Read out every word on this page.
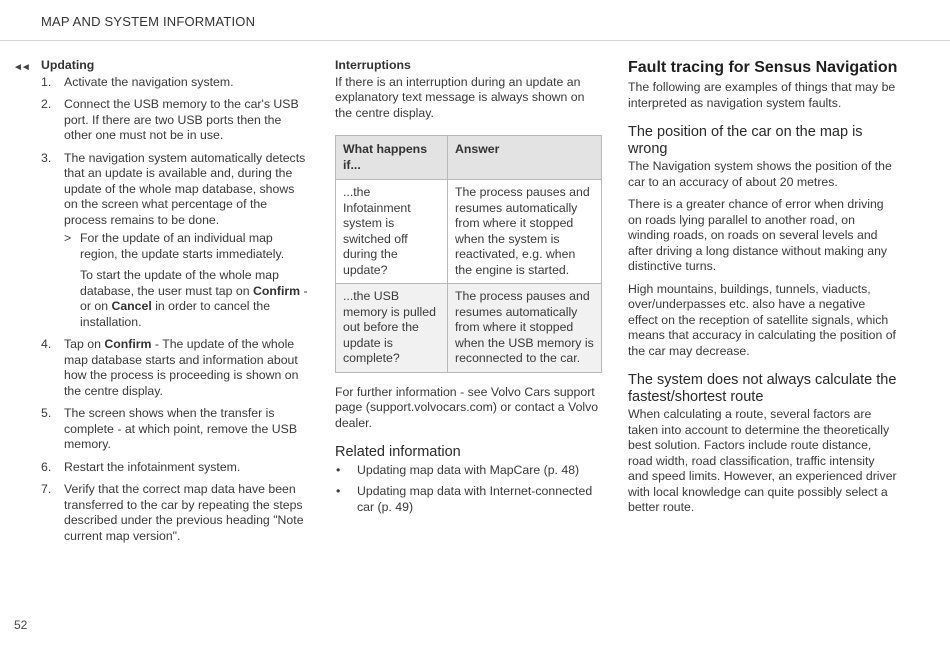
MAP AND SYSTEM INFORMATION
◄◄ Updating
1. Activate the navigation system.
2. Connect the USB memory to the car's USB port. If there are two USB ports then the other one must not be in use.
3. The navigation system automatically detects that an update is available and, during the update of the whole map database, shows on the screen what percentage of the process remains to be done.
> For the update of an individual map region, the update starts immediately.
To start the update of the whole map database, the user must tap on Confirm - or on Cancel in order to cancel the installation.
4. Tap on Confirm - The update of the whole map database starts and information about how the process is proceeding is shown on the centre display.
5. The screen shows when the transfer is complete - at which point, remove the USB memory.
6. Restart the infotainment system.
7. Verify that the correct map data have been transferred to the car by repeating the steps described under the previous heading "Note current map version".
Interruptions

If there is an interruption during an update an explanatory text message is always shown on the centre display.

What happens if...	Answer
...the Infotainment system is switched off during the update?	The process pauses and resumes automatically from where it stopped when the system is reactivated, e.g. when the engine is started.
...the USB memory is pulled out before the update is complete?	The process pauses and resumes automatically from where it stopped when the USB memory is reconnected to the car.

For further information - see Volvo Cars support page (support.volvocars.com) or contact a Volvo dealer.

Related information
• Updating map data with MapCare (p. 48)
• Updating map data with Internet-connected car (p. 49)
Fault tracing for Sensus Navigation

The following are examples of things that may be interpreted as navigation system faults.

The position of the car on the map is wrong

The Navigation system shows the position of the car to an accuracy of about 20 metres.

There is a greater chance of error when driving on roads lying parallel to another road, on winding roads, on roads on several levels and after driving a long distance without making any distinctive turns.

High mountains, buildings, tunnels, viaducts, over/underpasses etc. also have a negative effect on the reception of satellite signals, which means that accuracy in calculating the position of the car may decrease.

The system does not always calculate the fastest/shortest route

When calculating a route, several factors are taken into account to determine the theoretically best solution. Factors include route distance, road width, road classification, traffic intensity and speed limits. However, an experienced driver with local knowledge can quite possibly select a better route.

52
